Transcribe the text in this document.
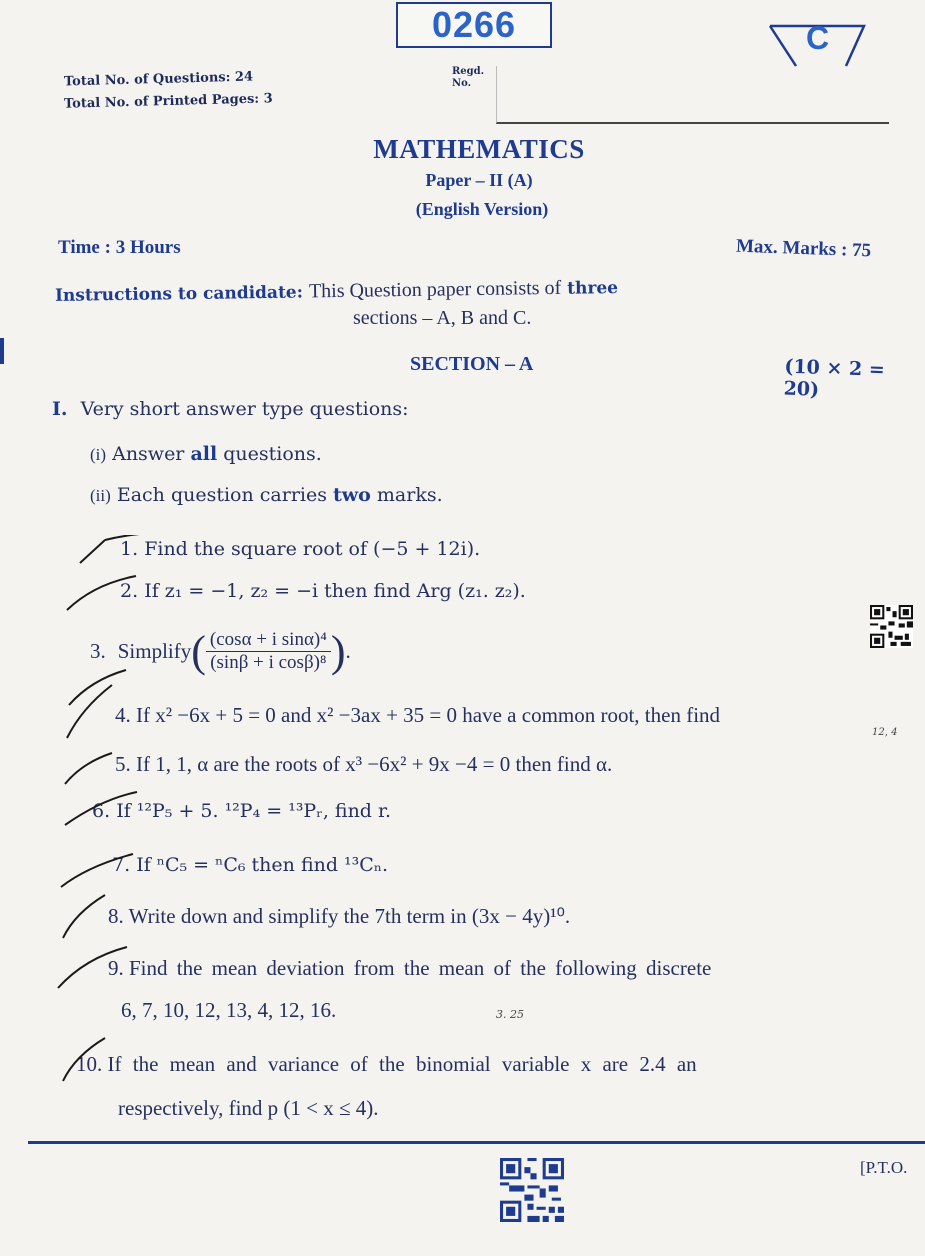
0266	C
Total No. of Questions: 24
Total No. of Printed Pages: 3
Regd.
No.
MATHEMATICS
Paper – II (A)
(English Version)
Time : 3 Hours	Max. Marks : 75
Instructions to candidate: This Question paper consists of three
sections – A, B and C.
SECTION – A	(10 × 2 = 20)
I. Very short answer type questions:
(i) Answer all questions.
(ii) Each question carries two marks.
1. Find the square root of (−5 + 12i).
2. If z₁ = −1, z₂ = −i then find Arg (z₁. z₂).
3. Simplify ( $\frac{\text{(cosα + i sinα)⁴}}{\text{(sinβ + i cosβ)⁸}}$ ) .
4. If x² −6x + 5 = 0 and x² −3ax + 35 = 0 have a common root, then find
12, 4
5. If 1, 1, α are the roots of x³ −6x² + 9x −4 = 0 then find α.
6. If ¹²P₅ + 5. ¹²P₄ = ¹³Pᵣ, find r.
7. If ⁿC₅ = ⁿC₆ then find ¹³Cₙ.
8. Write down and simplify the 7th term in (3x − 4y)¹⁰.
9. Find the mean deviation from the mean of the following discrete
6, 7, 10, 12, 13, 4, 12, 16.	3. 25
10. If the mean and variance of the binomial variable x are 2.4 an
respectively, find p (1 < x ≤ 4).
[P.T.O.
